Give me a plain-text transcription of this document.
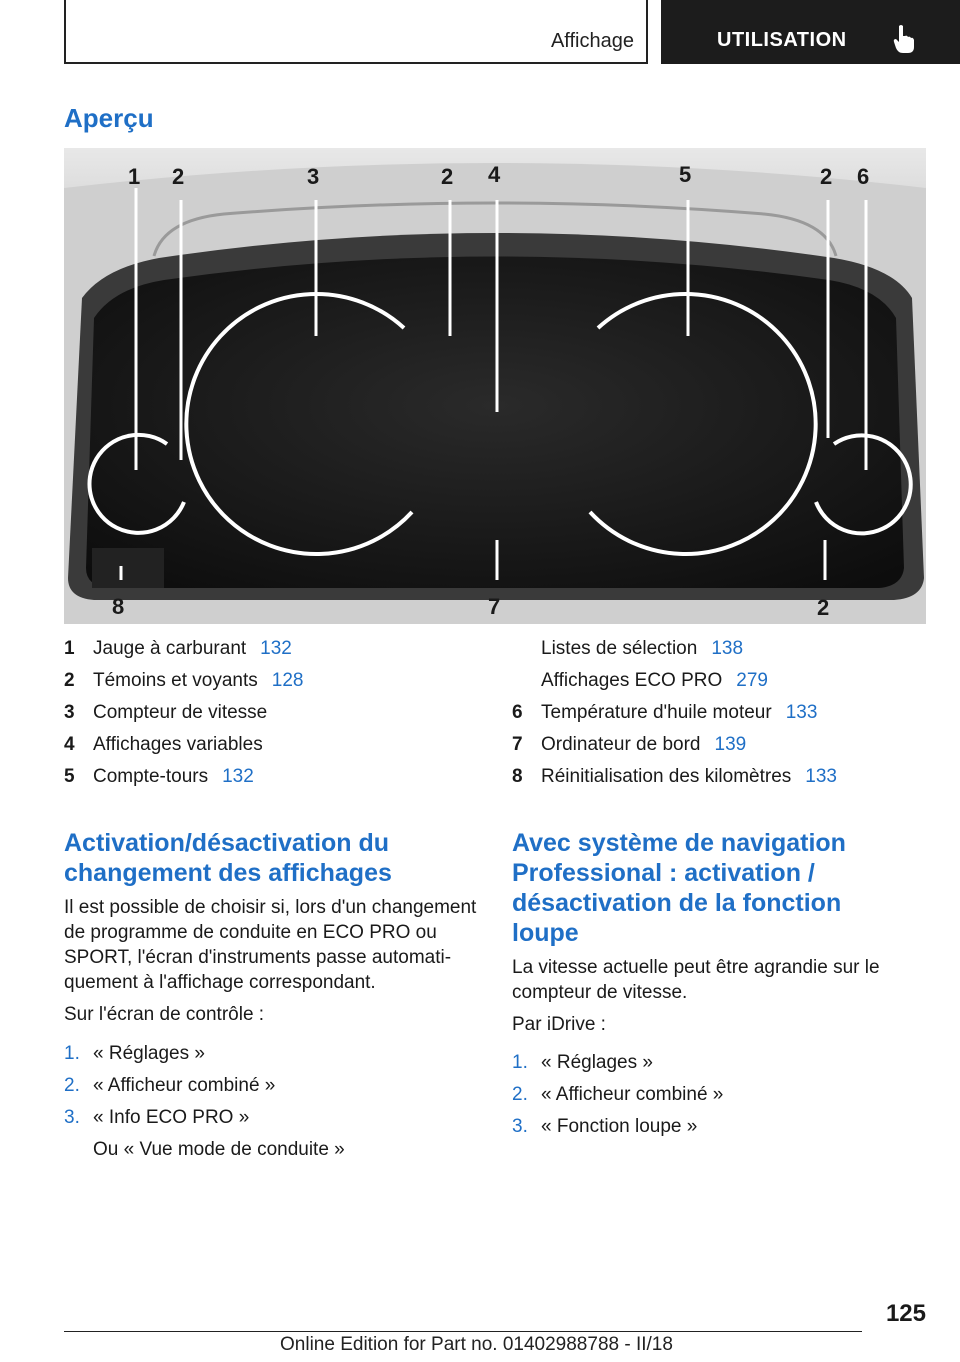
Affichage	UTILISATION
Aperçu
1 2	3	2 4	5	2 6
8	7	2
1 Jauge à carburant 132
2 Témoins et voyants 128
3 Compteur de vitesse
4 Affichages variables
5 Compte-tours 132
Listes de sélection 138
Affichages ECO PRO 279
6 Température d'huile moteur 133
7 Ordinateur de bord 139
8 Réinitialisation des kilomètres 133
Activation/désactivation du
changement des affichages

Il est possible de choisir si, lors d'un changement
de programme de conduite en ECO PRO ou
SPORT, l'écran d'instruments passe automati‐
quement à l'affichage correspondant.

Sur l'écran de contrôle :

1. « Réglages »
2. « Afficheur combiné »
3. « Info ECO PRO »
Ou « Vue mode de conduite »
Avec système de navigation
Professional : activation /
désactivation de la fonction
loupe

La vitesse actuelle peut être agrandie sur le
compteur de vitesse.

Par iDrive :

1. « Réglages »
2. « Afficheur combiné »
3. « Fonction loupe »
125
Online Edition for Part no. 01402988788 - II/18
